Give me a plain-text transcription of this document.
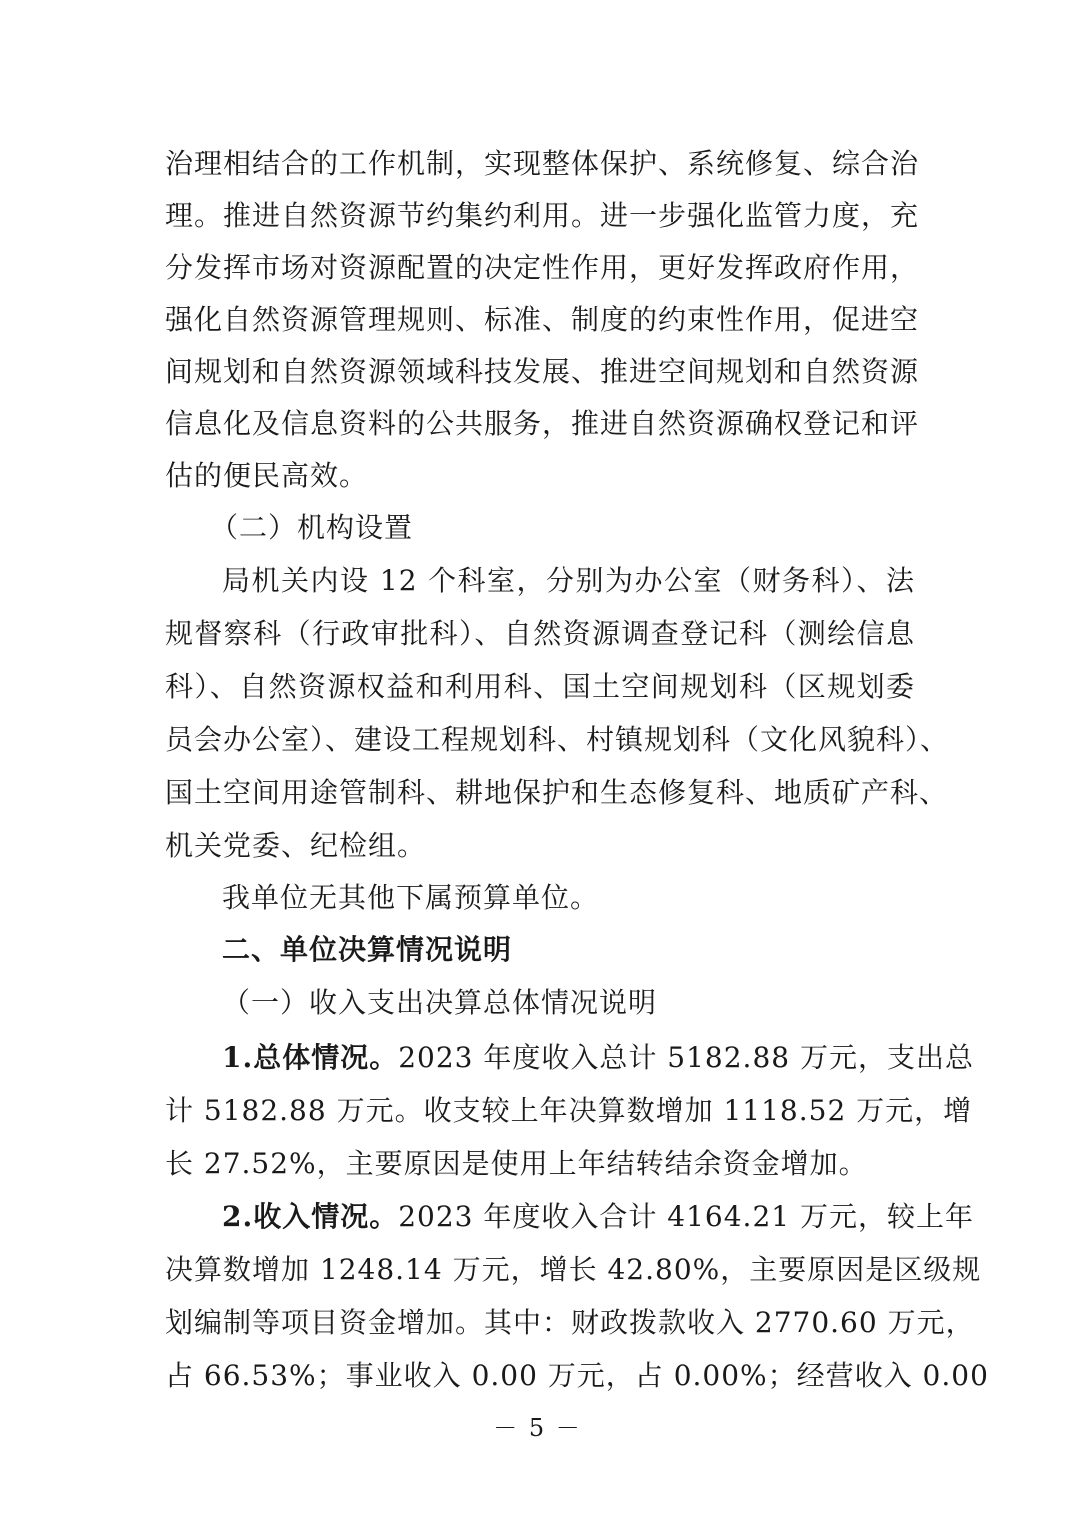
治理相结合的工作机制，实现整体保护、系统修复、综合治
理。推进自然资源节约集约利用。进一步强化监管力度，充
分发挥市场对资源配置的决定性作用，更好发挥政府作用，
强化自然资源管理规则、标准、制度的约束性作用，促进空
间规划和自然资源领域科技发展、推进空间规划和自然资源
信息化及信息资料的公共服务，推进自然资源确权登记和评
估的便民高效。
（二）机构设置
局机关内设 12 个科室，分别为办公室（财务科）、法
规督察科（行政审批科）、自然资源调查登记科（测绘信息
科）、自然资源权益和利用科、国土空间规划科（区规划委
员会办公室）、建设工程规划科、村镇规划科（文化风貌科）、
国土空间用途管制科、耕地保护和生态修复科、地质矿产科、
机关党委、纪检组。
我单位无其他下属预算单位。
二、单位决算情况说明
（一）收入支出决算总体情况说明
1.总体情况。2023 年度收入总计 5182.88 万元，支出总
计 5182.88 万元。收支较上年决算数增加 1118.52 万元，增
长 27.52%，主要原因是使用上年结转结余资金增加。
2.收入情况。2023 年度收入合计 4164.21 万元，较上年
决算数增加 1248.14 万元，增长 42.80%，主要原因是区级规
划编制等项目资金增加。其中：财政拨款收入 2770.60 万元，
占 66.53%；事业收入 0.00 万元，占 0.00%；经营收入 0.00
－ 5 －
